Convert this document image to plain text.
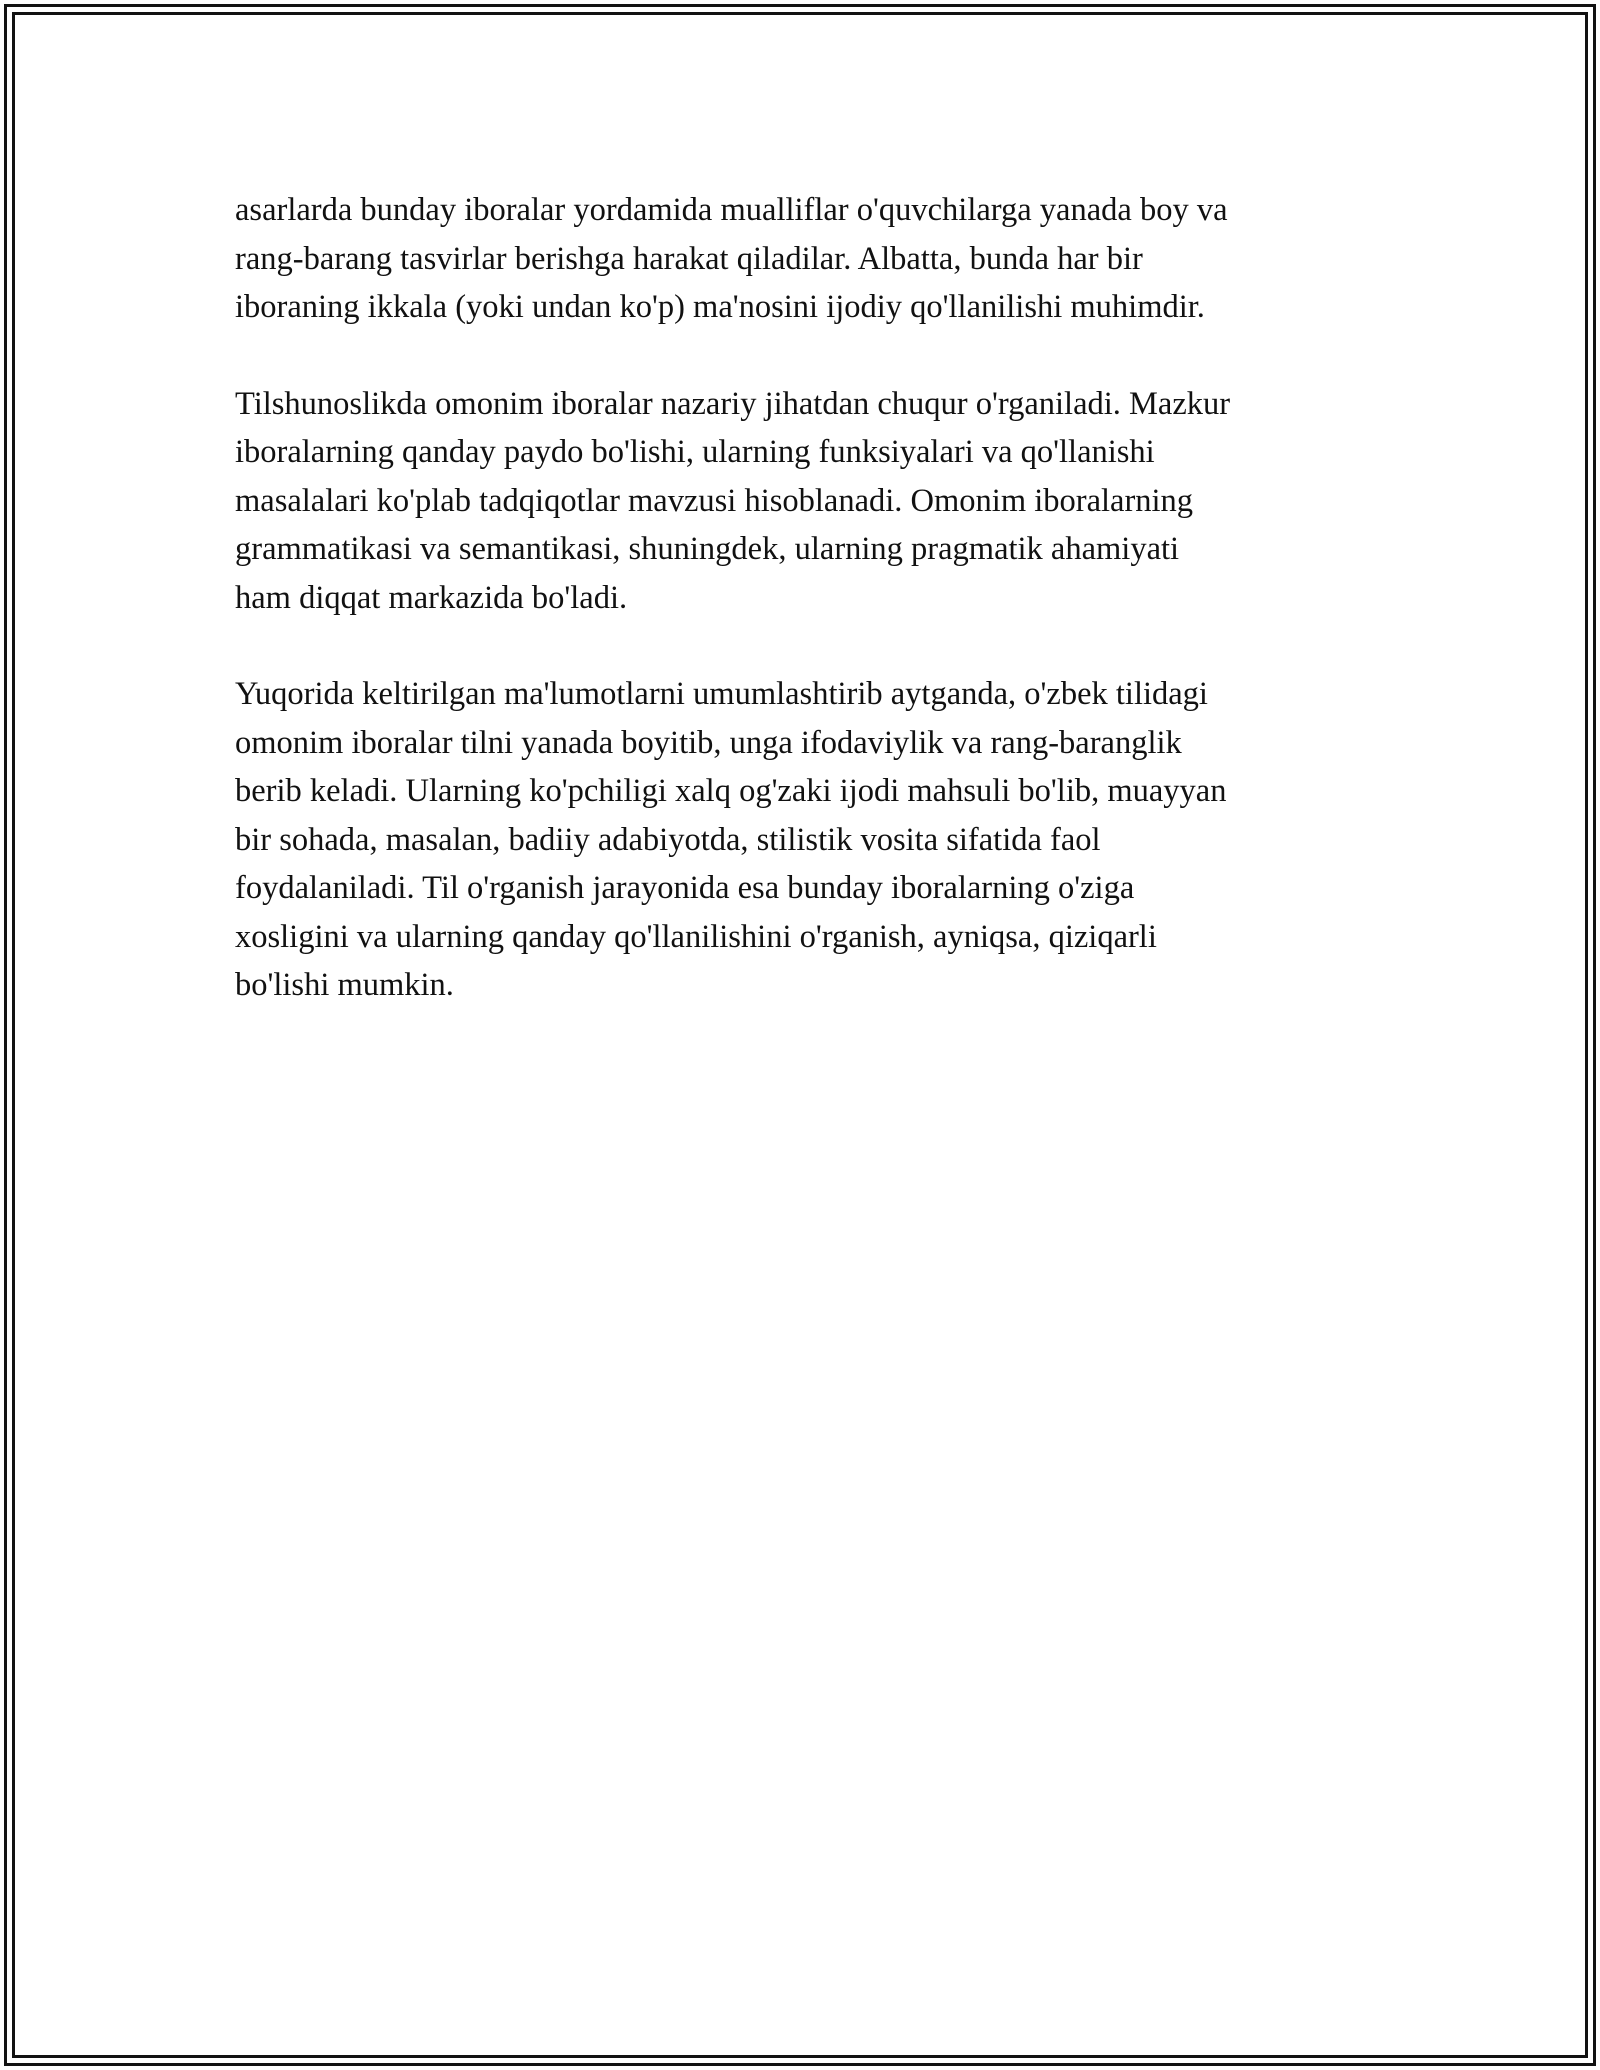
asarlarda bunday iboralar yordamida mualliflar o'quvchilarga yanada boy va
rang-barang tasvirlar berishga harakat qiladilar. Albatta, bunda har bir
iboraning ikkala (yoki undan ko'p) ma'nosini ijodiy qo'llanilishi muhimdir.

Tilshunoslikda omonim iboralar nazariy jihatdan chuqur o'rganiladi. Mazkur
iboralarning qanday paydo bo'lishi, ularning funksiyalari va qo'llanishi
masalalari ko'plab tadqiqotlar mavzusi hisoblanadi. Omonim iboralarning
grammatikasi va semantikasi, shuningdek, ularning pragmatik ahamiyati
ham diqqat markazida bo'ladi.

Yuqorida keltirilgan ma'lumotlarni umumlashtirib aytganda, o'zbek tilidagi
omonim iboralar tilni yanada boyitib, unga ifodaviylik va rang-baranglik
berib keladi. Ularning ko'pchiligi xalq og'zaki ijodi mahsuli bo'lib, muayyan
bir sohada, masalan, badiiy adabiyotda, stilistik vosita sifatida faol
foydalaniladi. Til o'rganish jarayonida esa bunday iboralarning o'ziga
xosligini va ularning qanday qo'llanilishini o'rganish, ayniqsa, qiziqarli
bo'lishi mumkin.
